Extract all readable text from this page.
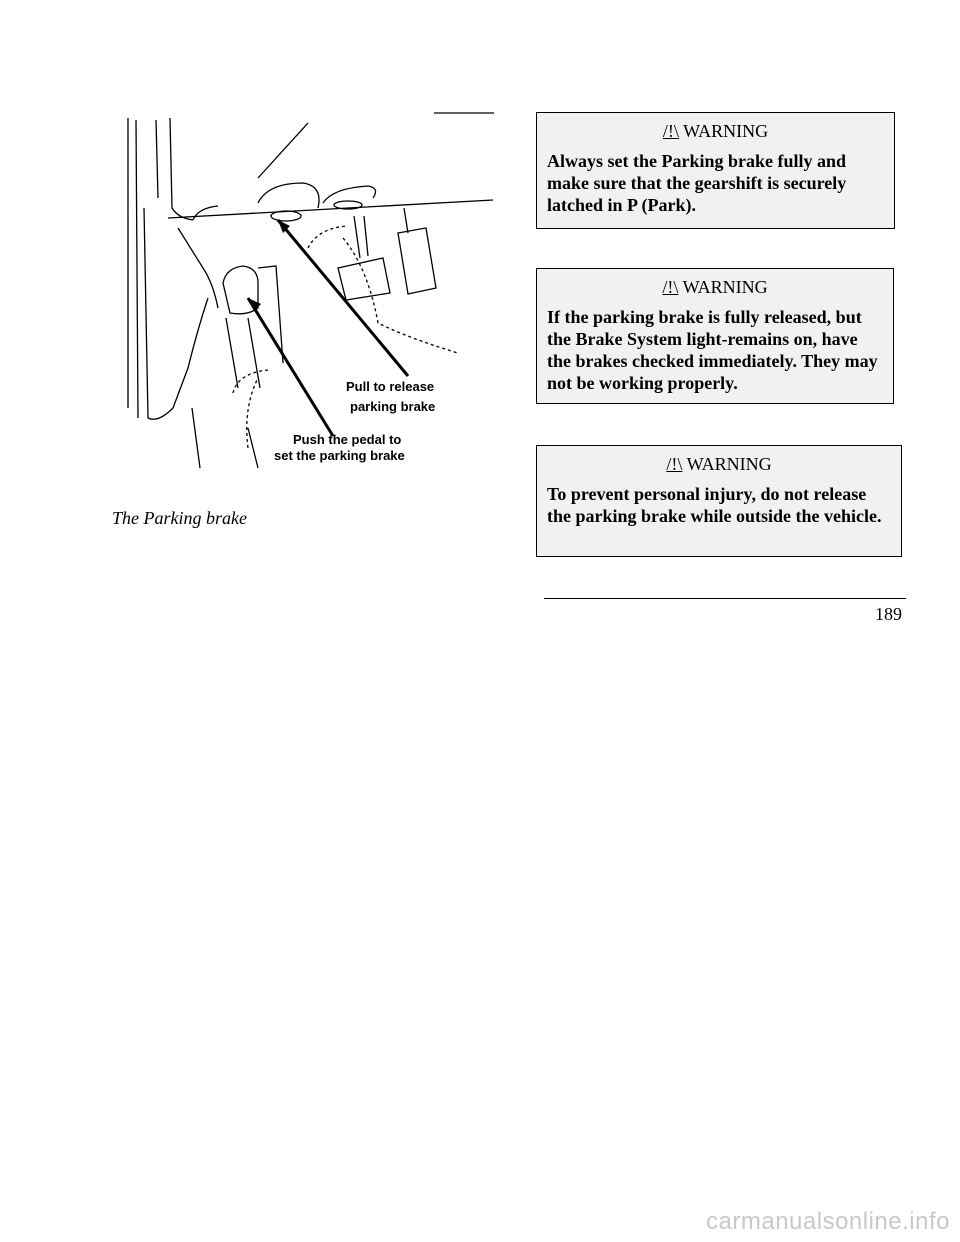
Pull to release
parking brake
Push the pedal to
set the parking brake
The Parking brake
/!\ WARNING
Always set the Parking brake fully and make sure that the gearshift is securely latched in P (Park).
/!\ WARNING
If the parking brake is fully released, but the Brake System light-remains on, have the brakes checked immediately. They may not be working properly.
/!\ WARNING
To prevent personal injury, do not release the parking brake while outside the vehicle.
189
carmanualsonline.info
